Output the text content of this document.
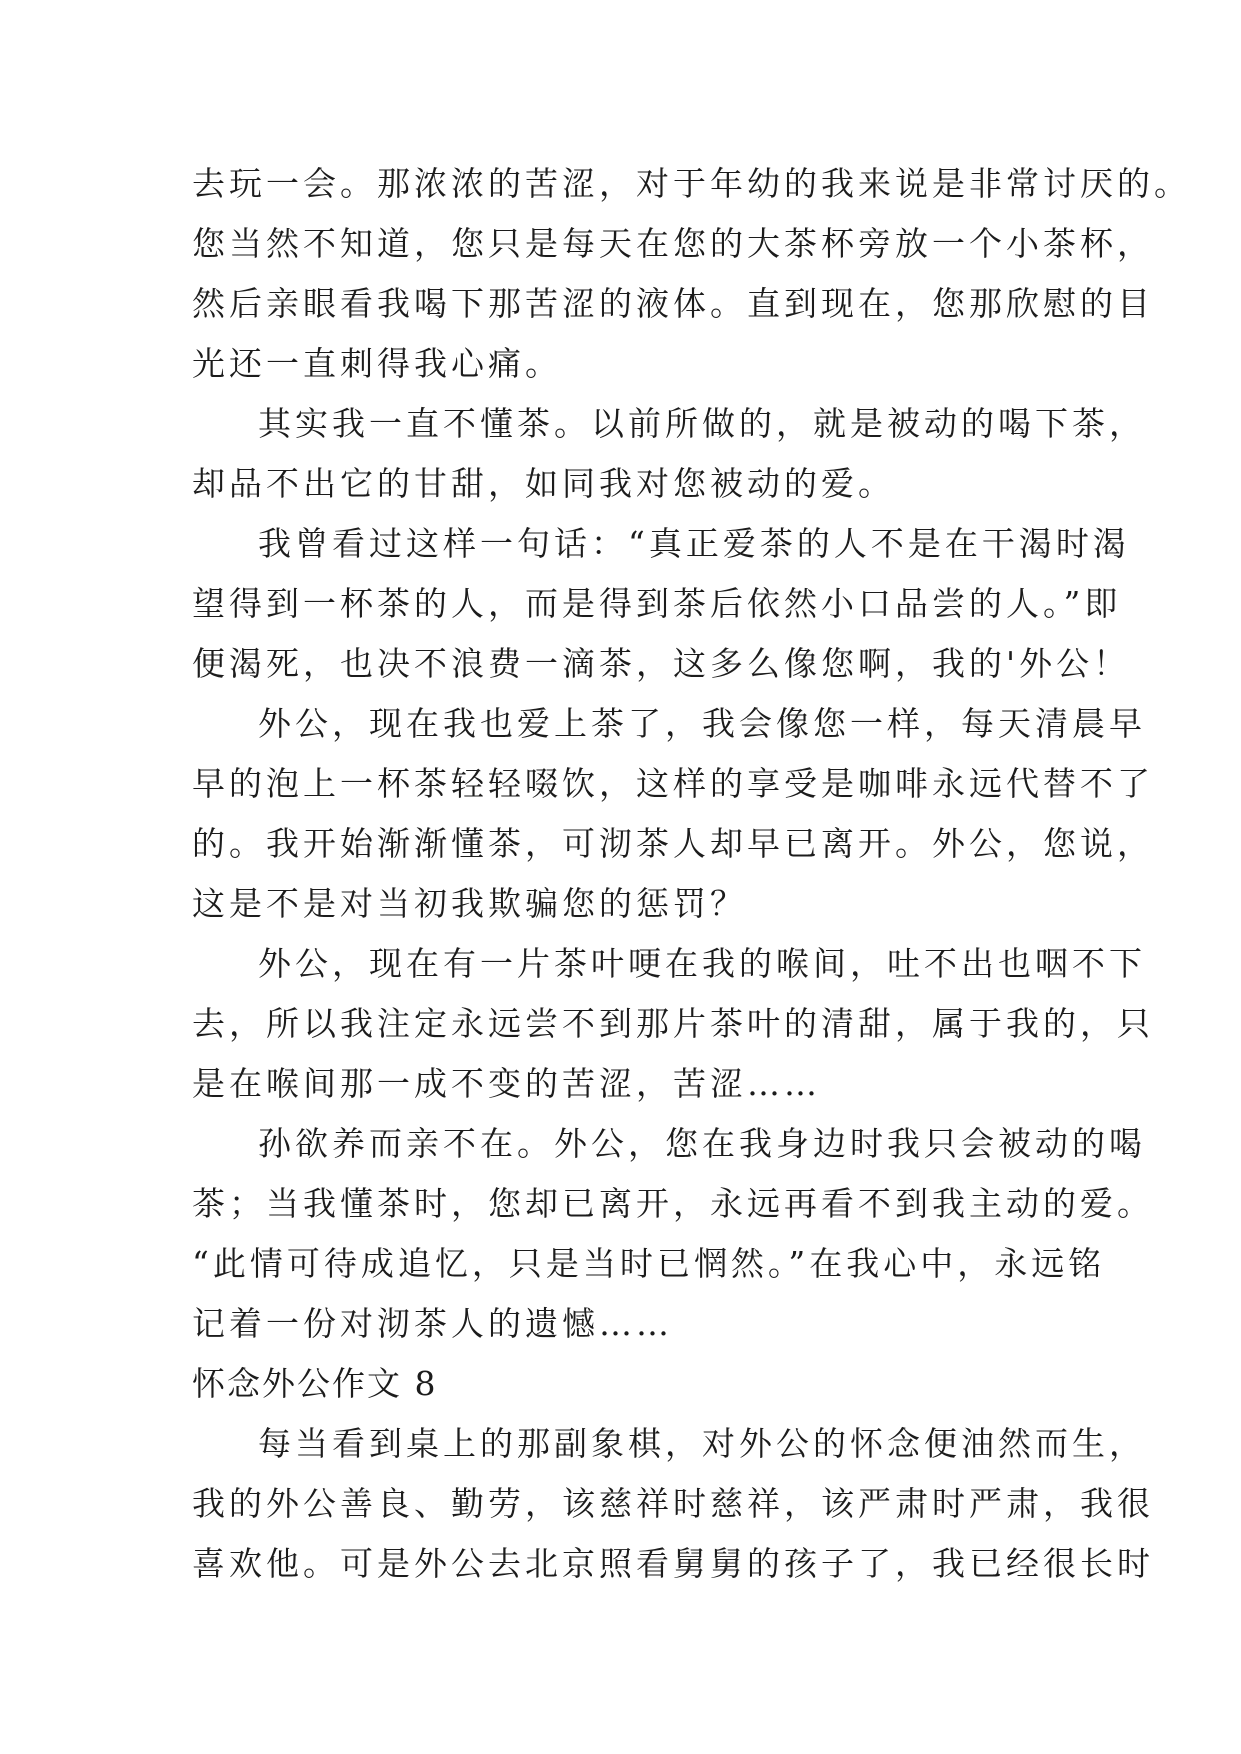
去玩一会。那浓浓的苦涩，对于年幼的我来说是非常讨厌的。
您当然不知道，您只是每天在您的大茶杯旁放一个小茶杯，
然后亲眼看我喝下那苦涩的液体。直到现在，您那欣慰的目
光还一直刺得我心痛。
其实我一直不懂茶。以前所做的，就是被动的喝下茶，
却品不出它的甘甜，如同我对您被动的爱。
我曾看过这样一句话：“真正爱茶的人不是在干渴时渴
望得到一杯茶的人，而是得到茶后依然小口品尝的人。”即
便渴死，也决不浪费一滴茶，这多么像您啊，我的'外公！
外公，现在我也爱上茶了，我会像您一样，每天清晨早
早的泡上一杯茶轻轻啜饮，这样的享受是咖啡永远代替不了
的。我开始渐渐懂茶，可沏茶人却早已离开。外公，您说，
这是不是对当初我欺骗您的惩罚？
外公，现在有一片茶叶哽在我的喉间，吐不出也咽不下
去，所以我注定永远尝不到那片茶叶的清甜，属于我的，只
是在喉间那一成不变的苦涩，苦涩……
孙欲养而亲不在。外公，您在我身边时我只会被动的喝
茶；当我懂茶时，您却已离开，永远再看不到我主动的爱。
“此情可待成追忆，只是当时已惘然。”在我心中，永远铭
记着一份对沏茶人的遗憾……
怀念外公作文 8
每当看到桌上的那副象棋，对外公的怀念便油然而生，
我的外公善良、勤劳，该慈祥时慈祥，该严肃时严肃，我很
喜欢他。可是外公去北京照看舅舅的孩子了，我已经很长时
